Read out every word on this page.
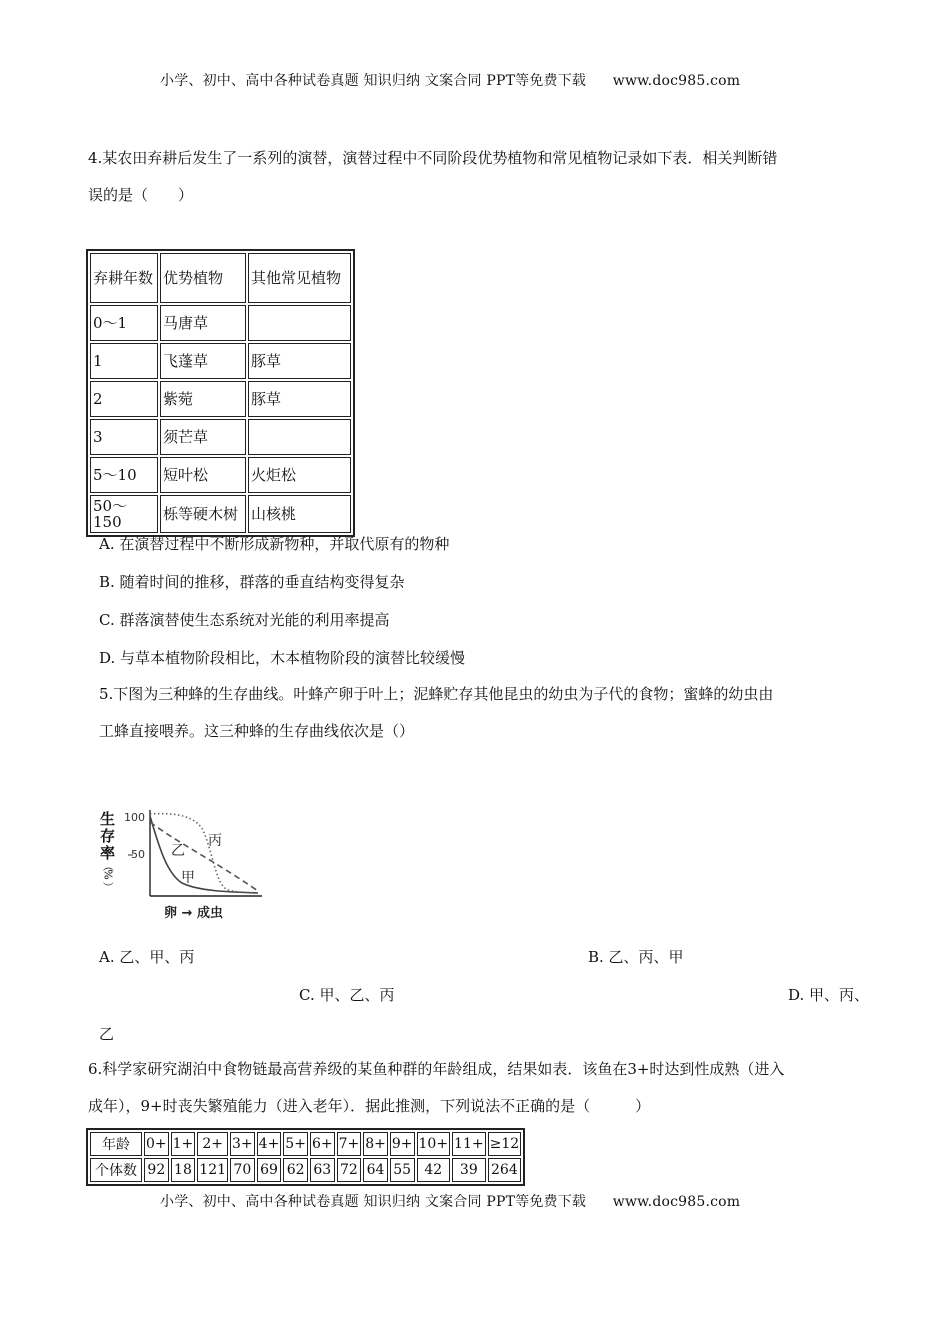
小学、初中、高中各种试卷真题 知识归纳 文案合同 PPT等免费下载 www.doc985.com
4.某农田弃耕后发生了一系列的演替，演替过程中不同阶段优势植物和常见植物记录如下表．相关判断错
误的是（　　）
弃耕年数	优势植物	其他常见植物
0～1	马唐草	
1	飞蓬草	豚草
2	紫菀	豚草
3	须芒草	
5～10	短叶松	火炬松
50～150	栎等硬木树	山核桃
A. 在演替过程中不断形成新物种，并取代原有的物种
B. 随着时间的推移，群落的垂直结构变得复杂
C. 群落演替使生态系统对光能的利用率提高
D. 与草本植物阶段相比，木本植物阶段的演替比较缓慢
5.下图为三种蜂的生存曲线。叶蜂产卵于叶上；泥蜂贮存其他昆虫的幼虫为子代的食物；蜜蜂的幼虫由
工蜂直接喂养。这三种蜂的生存曲线依次是（）
生
存
率
（
%
）
100
50 乙
丙
甲
卵 → 成虫
A. 乙、甲、丙	B. 乙、丙、甲
C. 甲、乙、丙	D. 甲、丙、
乙
6.科学家研究湖泊中食物链最高营养级的某鱼种群的年龄组成，结果如表．该鱼在3+时达到性成熟（进入
成年），9+时丧失繁殖能力（进入老年）．据此推测，下列说法不正确的是（　　　）
年龄	0+	1+	2+	3+	4+	5+	6+	7+	8+	9+	10+	11+	≥12
个体数	92	18	121	70	69	62	63	72	64	55	42	39	264
小学、初中、高中各种试卷真题 知识归纳 文案合同 PPT等免费下载 www.doc985.com
